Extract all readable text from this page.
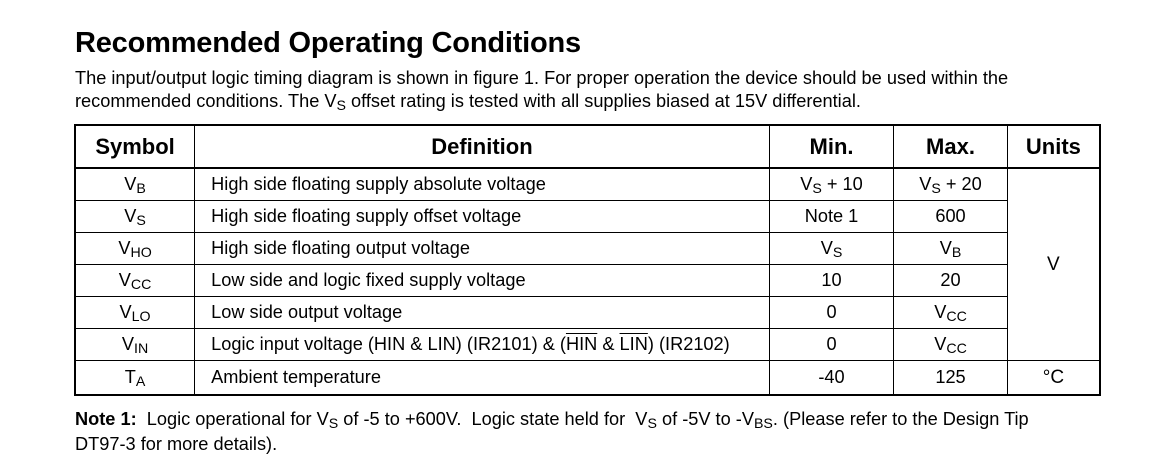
Recommended Operating Conditions
The input/output logic timing diagram is shown in figure 1. For proper operation the device should be used within the
recommended conditions. The VS offset rating is tested with all supplies biased at 15V differential.
Symbol	Definition	Min.	Max.	Units
VB	High side floating supply absolute voltage	VS + 10	VS + 20	V
VS	High side floating supply offset voltage	Note 1	600	
VHO	High side floating output voltage	VS	VB	
VCC	Low side and logic fixed supply voltage	10	20	
VLO	Low side output voltage	0	VCC	
VIN	Logic input voltage (HIN & LIN) (IR2101) & ($\overline{HIN}$ & $\overline{LIN}$) (IR2102)	0	VCC	
TA	Ambient temperature	-40	125	°C
Note 1:  Logic operational for VS of -5 to +600V.  Logic state held for  VS of -5V to -VBS. (Please refer to the Design Tip
DT97-3 for more details).
